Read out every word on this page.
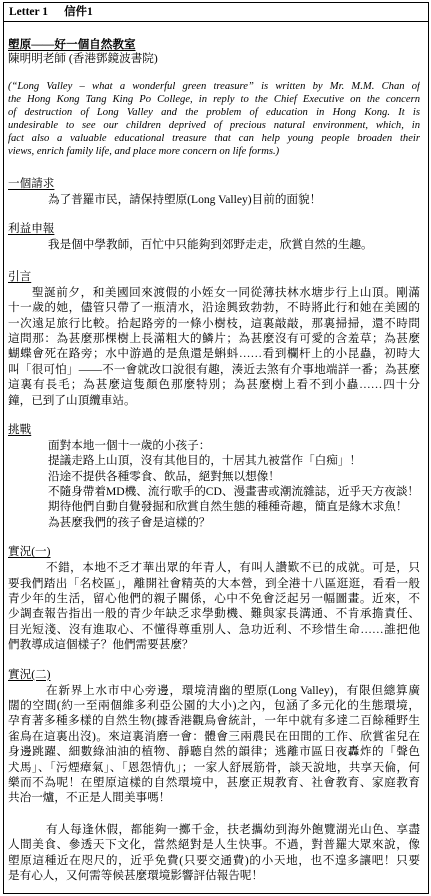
Letter 1 信件1
塱原——好一個自然教室
陳明明老師 (香港鄧鏡波書院)
(“Long Valley – what a wonderful green treasure” is written by Mr. M.M. Chan of
the Hong Kong Tang King Po College, in reply to the Chief Executive on the concern
of destruction of Long Valley and the problem of education in Hong Kong. It is
undesirable to see our children deprived of precious natural environment, which, in
fact also a valuable educational treasure that can help young people broaden their
views, enrich family life, and place more concern on life forms.)
一個請求
為了普羅市民，請保持塱原(Long Valley)目前的面貌！
利益申報
我是個中學教師，百忙中只能夠到郊野走走，欣賞自然的生趣。
引言
聖誕前夕，和美國回來渡假的小姪女一同從薄扶林水塘步行上山頂。剛滿
十一歲的她，儘管只帶了一瓶清水，沿途興致勃勃，不時將此行和她在美國的
一次遠足旅行比較。拾起路旁的一條小樹枝，這裏敲敲，那裏掃掃，還不時問
這問那：為甚麼那棵樹上長滿粗大的鱗片；為甚麼沒有可愛的含羞草；為甚麼
蝴蝶會死在路旁；水中游過的是魚還是蝌蚪……看到欄杆上的小昆蟲，初時大
叫「很可怕」——不一會就改口說很有趣，湊近去煞有介事地端詳一番；為甚麼
這裏有長毛；為甚麼這隻顏色那麼特別；為甚麼樹上看不到小蟲……四十分
鐘，已到了山頂纜車站。
挑戰
面對本地一個十一歲的小孩子：
提議走路上山頂，沒有其他目的，十居其九被當作「白痴」！
沿途不提供各種零食、飲品，絕對無以想像！
不隨身帶着MD機、流行歌手的CD、漫畫書或潮流雜誌，近乎天方夜談！
期待他們自動自覺發掘和欣賞自然生態的種種奇趣，簡直是緣木求魚！
為甚麼我們的孩子會是這樣的？
實況(一)
不錯，本地不乏才華出眾的年青人，有叫人讚歎不已的成就。可是，只
要我們踏出「名校區」，離開社會精英的大本營，到全港十八區逛逛，看看一般
青少年的生活，留心他們的親子關係，心中不免會泛起另一幅圖畫。近來，不
少調查報告指出一般的青少年缺乏求學動機、難與家長溝通、不肯承擔責任、
目光短淺、沒有進取心、不懂得尊重別人、急功近利、不珍惜生命……誰把他
們教導成這個樣子？他們需要甚麼？
實況(二)
在新界上水市中心旁邊，環境清幽的塱原(Long Valley)，有限但總算廣
闊的空間(約一至兩個維多利亞公園的大小)之內，包涵了多元化的生態環境，
孕育著多種多樣的自然生物(據香港觀鳥會統計，一年中就有多達二百餘種野生
雀鳥在這裏出沒)。來這裏消磨一會：體會三兩農民在田間的工作、欣賞雀兒在
身邊跳躍、細數綠油油的植物、靜聽自然的韻律；逃離市區日夜轟炸的「聲色
犬馬」、「污煙瘴氣」、「恩怨情仇」；一家人舒展筋骨，談天說地，共享天倫，何
樂而不為呢！在塱原這樣的自然環境中，甚麼正規教育、社會教育、家庭教育
共冶一爐，不正是人間美事嗎！
有人每逢休假，都能夠一擲千金，扶老攜幼到海外飽覽湖光山色、享盡
人間美食、參透天下文化，當然絕對是人生快事。不過，對普羅大眾來說，像
塱原這種近在咫尺的，近乎免費(只要交通費)的小天地，也不遑多讓吧！只要
是有心人，又何需等候甚麼環境影響評估報告呢！
